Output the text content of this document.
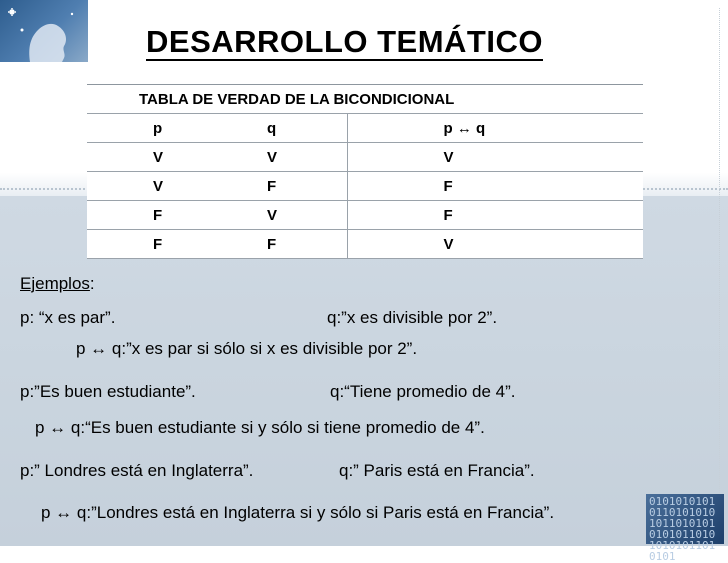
010101010101101010101011010101010101101010101011010101
DESARROLLO TEMÁTICO
TABLA DE VERDAD DE LA BICONDICIONAL		
p	q	p ↔ q
V	V	V
V	F	F
F	V	F
F	F	V
Ejemplos:
p: “x es par”.	q:”x es divisible por 2”.
p ↔ q:”x es par si sólo si x es divisible por 2”.
p:”Es buen estudiante”.	q:“Tiene promedio de 4”.
p ↔ q:“Es buen estudiante si y sólo si tiene promedio de 4”.
p:” Londres está en Inglaterra”.	q:” Paris está en Francia”.
p ↔ q:”Londres está en Inglaterra si y sólo si Paris está en Francia”.
